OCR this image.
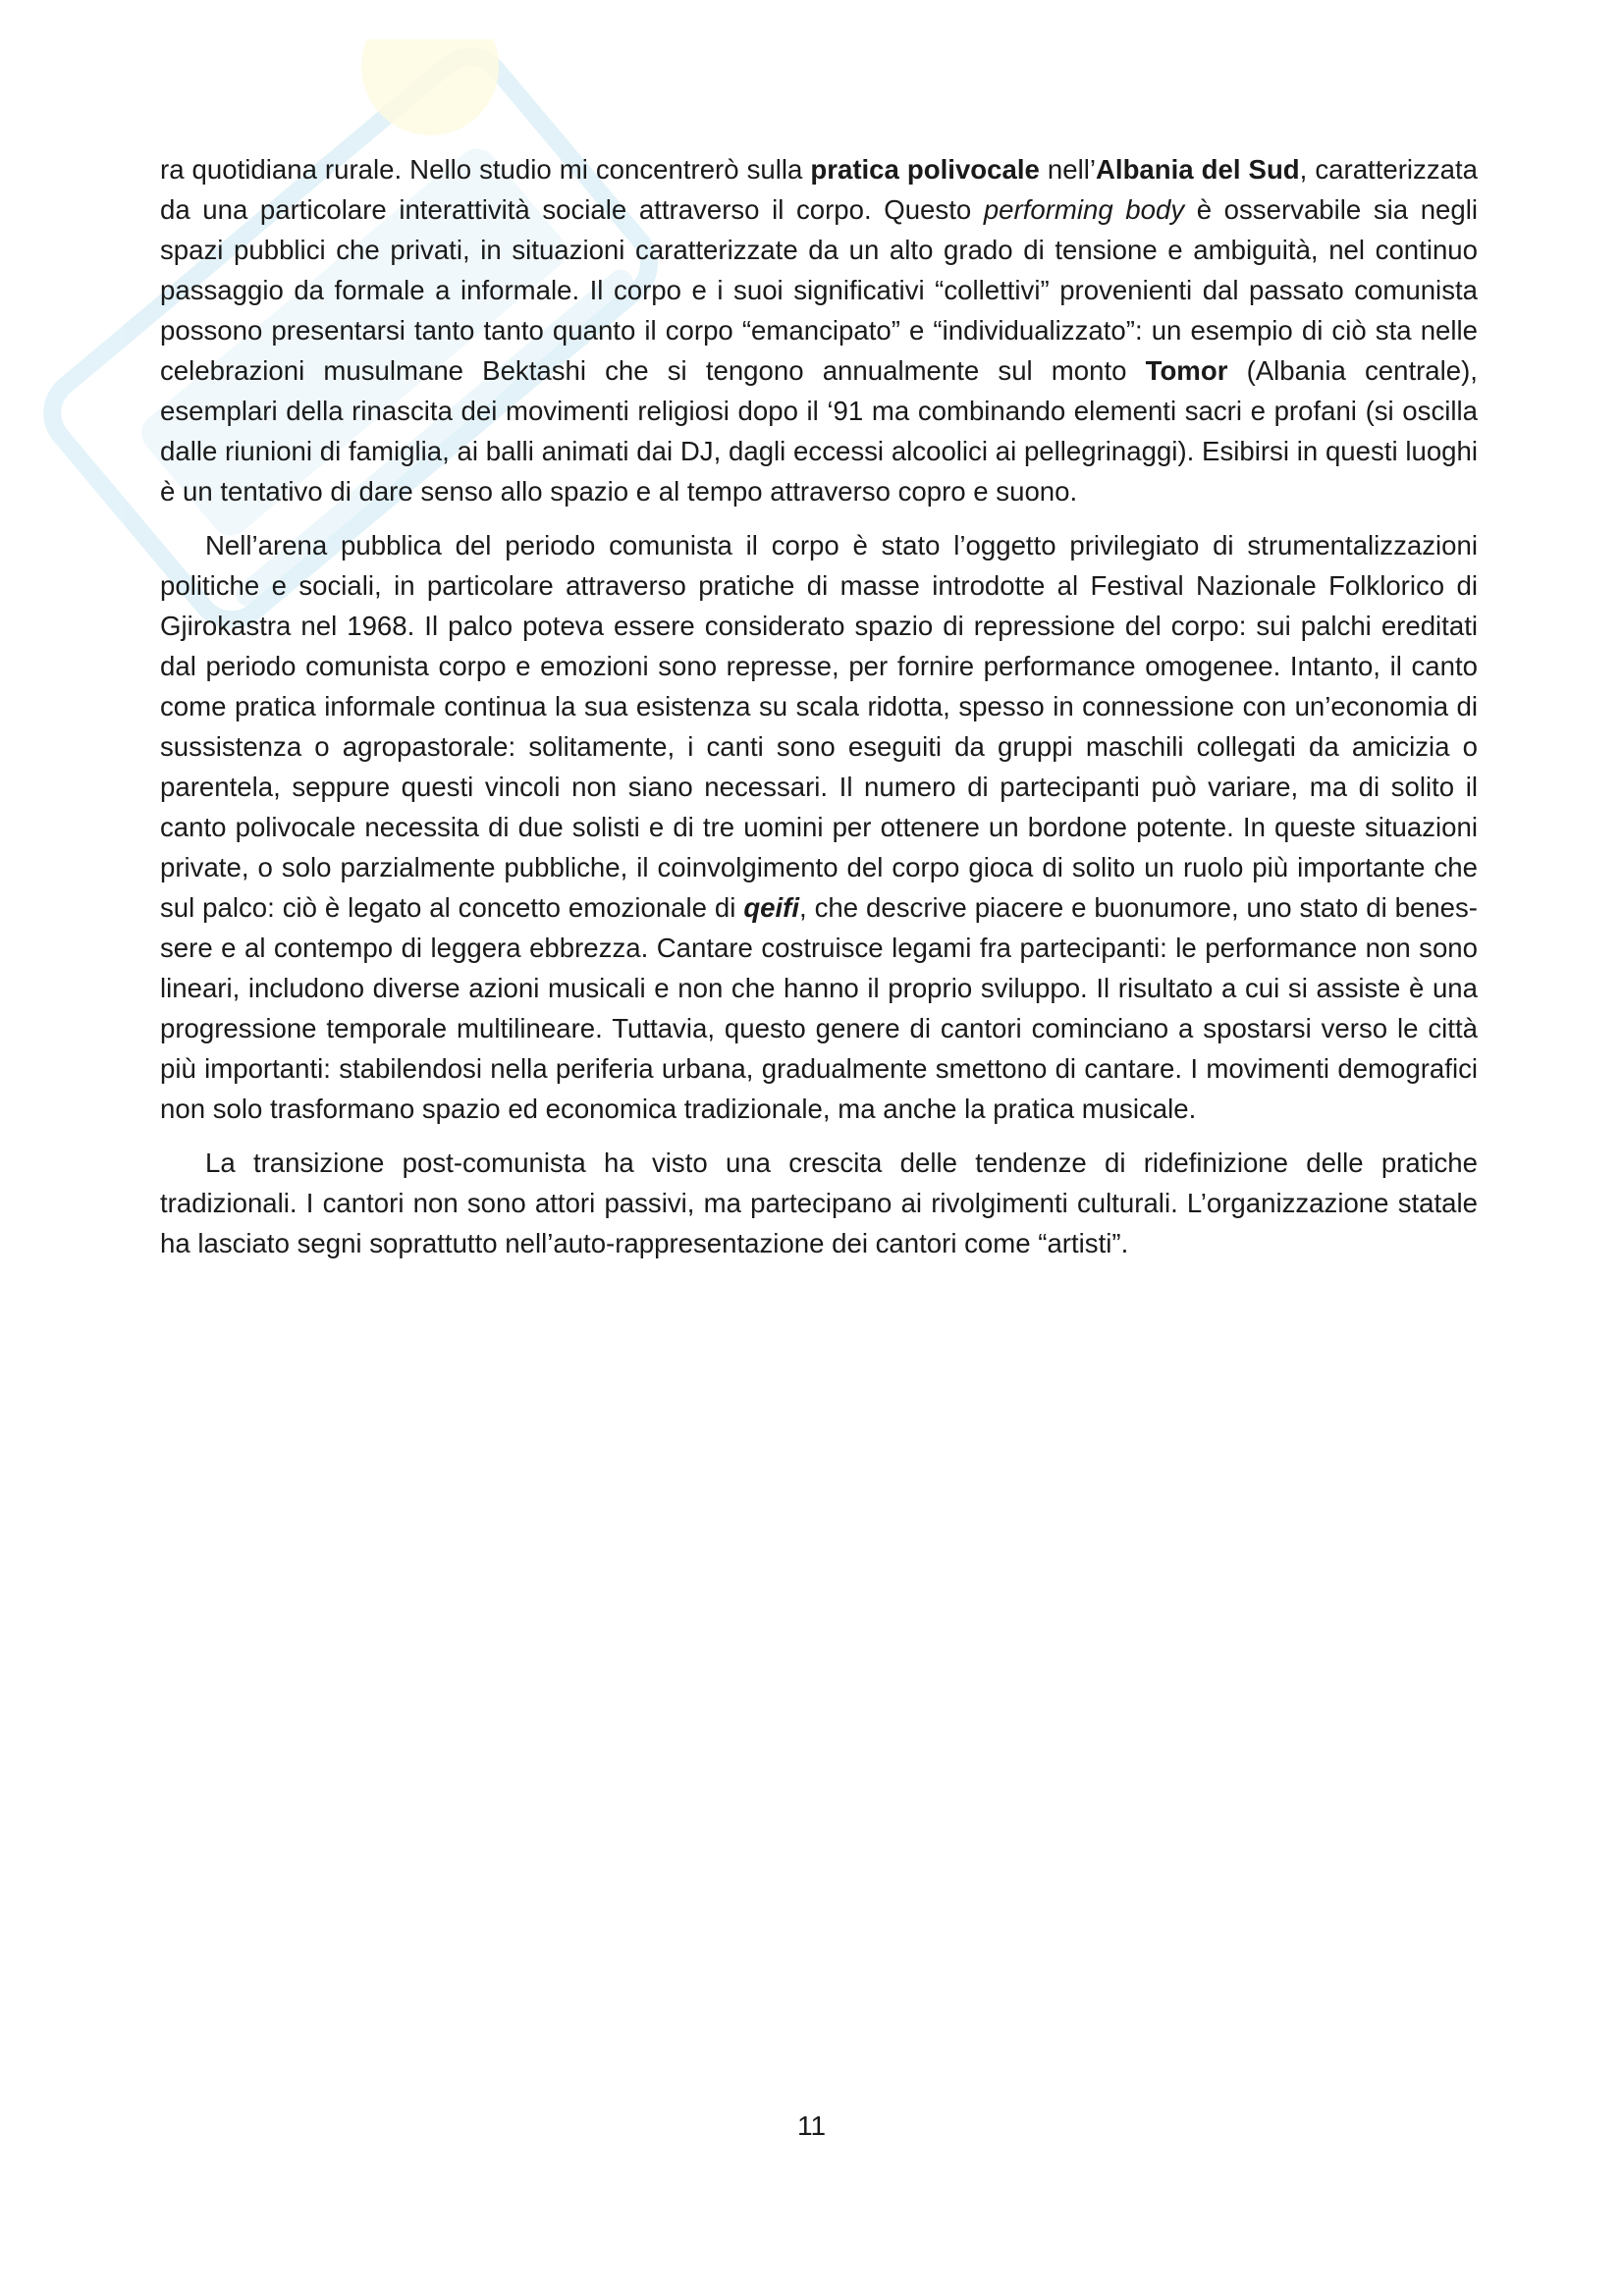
ra quotidiana rurale. Nello studio mi concentrerò sulla pratica polivocale nell’Albania del Sud, caratterizzata da una particolare interattività sociale attraverso il corpo. Questo performing body è osservabile sia negli spazi pubblici che privati, in situazioni caratterizzate da un alto grado di tensione e ambiguità, nel continuo passaggio da formale a informale. Il corpo e i suoi significativi “collettivi” provenienti dal passato comunista possono presentarsi tanto tanto quanto il corpo “emancipato” e “individualizzato”: un esempio di ciò sta nelle celebrazioni musulmane Bektashi che si tengono annualmente sul monto Tomor (Albania centrale), esemplari della rinascita dei movimenti religiosi dopo il ‘91 ma combinando elementi sacri e profani (si oscilla dalle riunioni di famiglia, ai balli animati dai DJ, dagli eccessi alcoolici ai pellegrinaggi). Esibirsi in questi luoghi è un tentativo di dare senso allo spazio e al tempo attraverso copro e suono.

Nell’arena pubblica del periodo comunista il corpo è stato l’oggetto privilegiato di strumentalizzazioni politiche e sociali, in particolare attraverso pratiche di masse introdotte al Festival Nazionale Folklorico di Gjirokastra nel 1968. Il palco poteva essere considerato spazio di repressione del corpo: sui palchi ereditati dal periodo comunista corpo e emozioni sono represse, per fornire performance omogenee. Intanto, il canto come pratica informale continua la sua esistenza su scala ridotta, spesso in connessione con un’economia di sussistenza o agropastorale: solitamente, i canti sono eseguiti da gruppi maschili collegati da amicizia o parentela, seppure questi vincoli non siano necessari. Il numero di partecipanti può variare, ma di solito il canto polivocale necessita di due solisti e di tre uomini per ottenere un bordone potente. In queste situazioni private, o solo parzialmente pubbliche, il coinvolgimento del corpo gioca di solito un ruolo più importante che sul palco: ciò è legato al concetto emozionale di qeifi, che descrive piacere e buonumore, uno stato di benessere e al contempo di leggera ebbrezza. Cantare costruisce legami fra partecipanti: le performance non sono lineari, includono diverse azioni musicali e non che hanno il proprio sviluppo. Il risultato a cui si assiste è una progressione temporale multilineare. Tuttavia, questo genere di cantori cominciano a spostarsi verso le città più importanti: stabilendosi nella periferia urbana, gradualmente smettono di cantare. I movimenti demografici non solo trasformano spazio ed economica tradizionale, ma anche la pratica musicale.

La transizione post-comunista ha visto una crescita delle tendenze di ridefinizione delle pratiche tradizionali. I cantori non sono attori passivi, ma partecipano ai rivolgimenti culturali. L’organizzazione statale ha lasciato segni soprattutto nell’auto-rappresentazione dei cantori come “artisti”.

11
